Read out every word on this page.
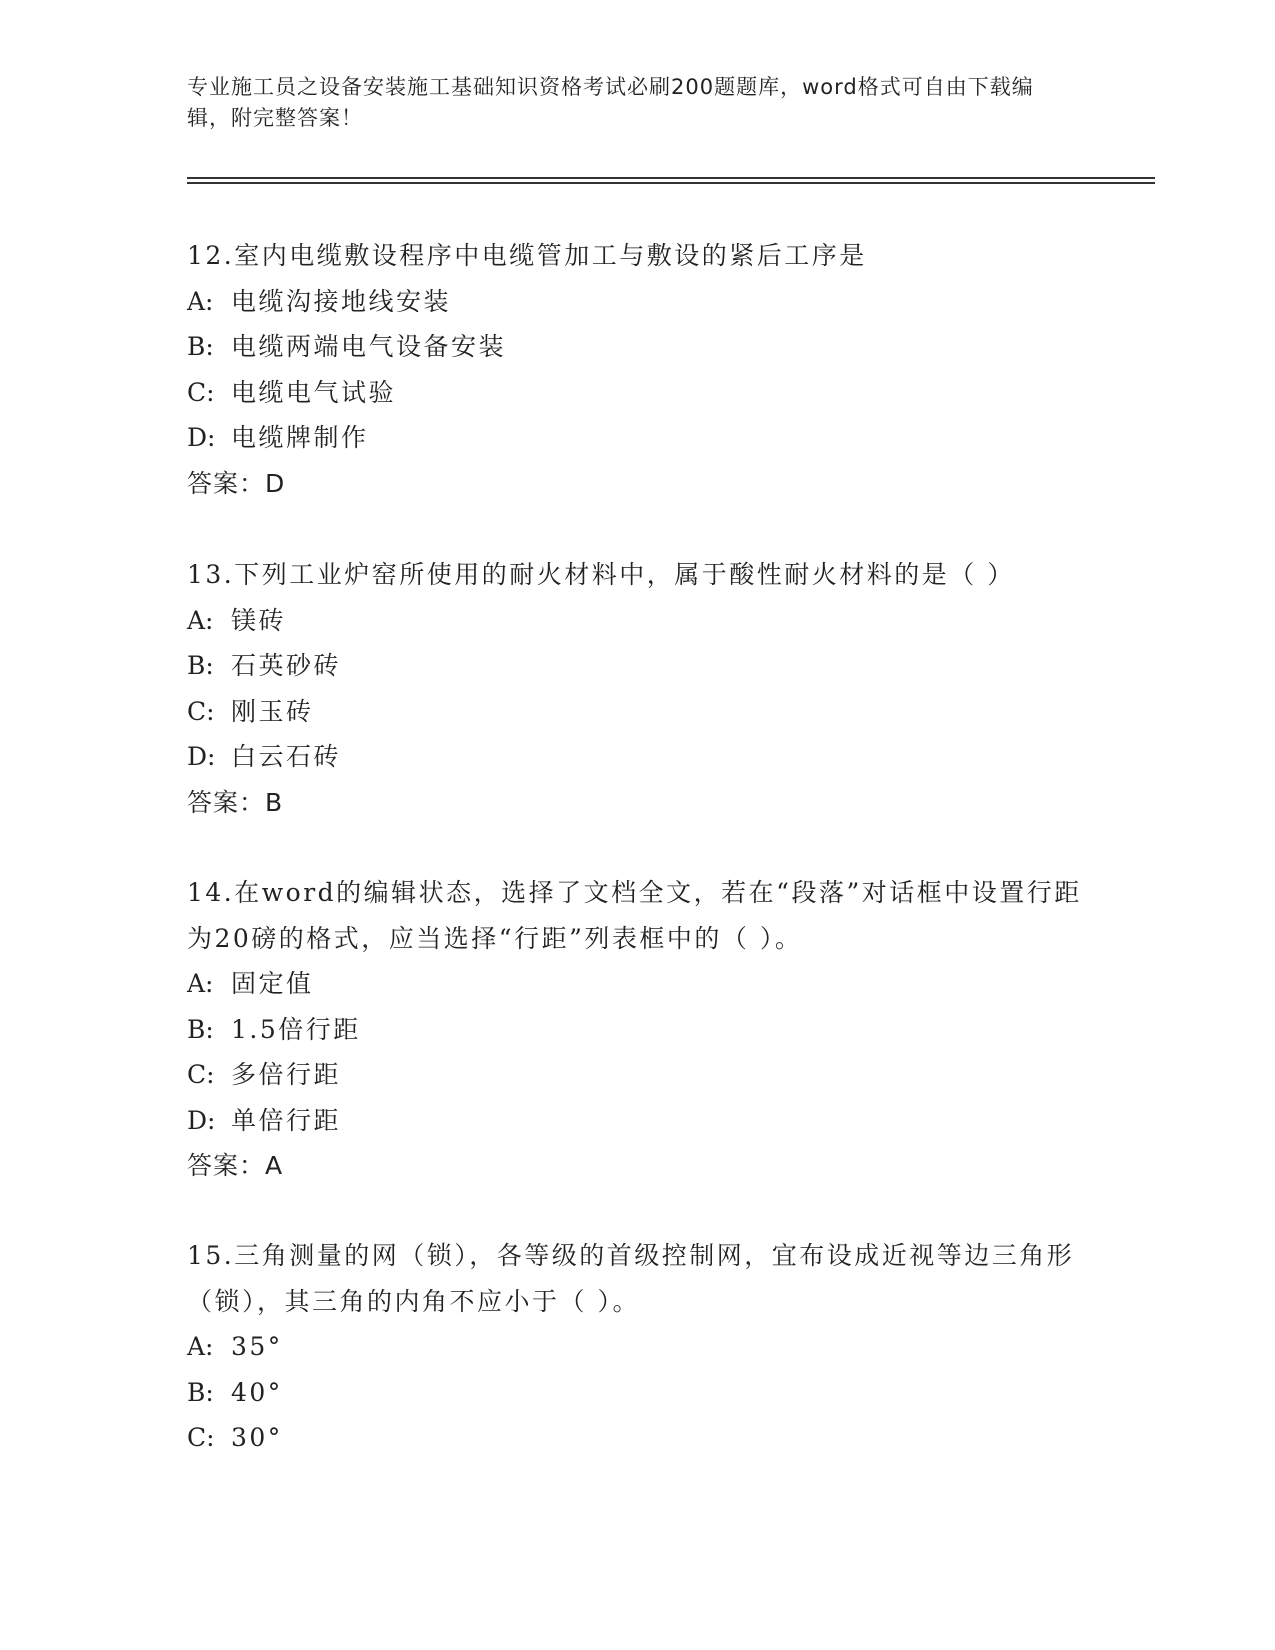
专业施工员之设备安装施工基础知识资格考试必刷200题题库，word格式可自由下载编辑，附完整答案！

12.室内电缆敷设程序中电缆管加工与敷设的紧后工序是

A: 电缆沟接地线安装

B: 电缆两端电气设备安装

C: 电缆电气试验

D: 电缆牌制作

答案：D

13.下列工业炉窑所使用的耐火材料中，属于酸性耐火材料的是（ ）

A: 镁砖

B: 石英砂砖

C: 刚玉砖

D: 白云石砖

答案：B

14.在word的编辑状态，选择了文档全文，若在“段落”对话框中设置行距为20磅的格式，应当选择“行距”列表框中的（ ）。

A: 固定值

B: 1.5倍行距

C: 多倍行距

D: 单倍行距

答案：A

15.三角测量的网（锁），各等级的首级控制网，宜布设成近视等边三角形（锁），其三角的内角不应小于（ ）。

A: 35°

B: 40°

C: 30°
